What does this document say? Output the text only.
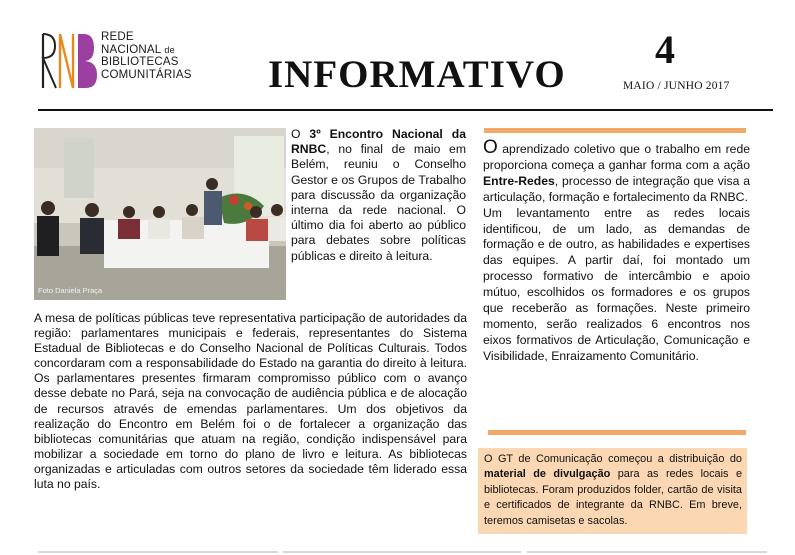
REDE
NACIONAL de
BIBLIOTECAS
COMUNITÁRIAS INFORMATIVO
4
MAIO / JUNHO 2017
Foto Daniela Praça

O 3º Encontro Nacional da RNBC, no final de maio em Belém, reuniu o Conselho Gestor e os Grupos de Trabalho para discussão da organização interna da rede nacional. O último dia foi aberto ao público para debates sobre políticas públicas e direito à leitura.

A mesa de políticas públicas teve representativa participação de autoridades da região: parlamentares municipais e federais, representantes do Sistema Estadual de Bibliotecas e do Conselho Nacional de Políticas Culturais. Todos concordaram com a responsabilidade do Estado na garantia do direito à leitura. Os parlamentares presentes firmaram compromisso público com o avanço desse debate no Pará, seja na convocação de audiência pública e de alocação de recursos através de emendas parlamentares. Um dos objetivos da realização do Encontro em Belém foi o de fortalecer a organização das bibliotecas comunitárias que atuam na região, condição indispensável para mobilizar a sociedade em torno do plano de livro e leitura. As bibliotecas organizadas e articuladas com outros setores da sociedade têm liderado essa luta no país.

O aprendizado coletivo que o trabalho em rede proporciona começa a ganhar forma com a ação Entre-Redes, processo de integração que visa a articulação, formação e fortalecimento da RNBC.

Um levantamento entre as redes locais identificou, de um lado, as demandas de formação e de outro, as habilidades e expertises das equipes. A partir daí, foi montado um processo formativo de intercâmbio e apoio mútuo, escolhidos os formadores e os grupos que receberão as formações. Neste primeiro momento, serão realizados 6 encontros nos eixos formativos de Articulação, Comunicação e Visibilidade, Enraizamento Comunitário.

O GT de Comunicação começou a distribuição do material de divulgação para as redes locais e bibliotecas. Foram produzidos folder, cartão de visita e certificados de integrante da RNBC. Em breve, teremos camisetas e sacolas.
